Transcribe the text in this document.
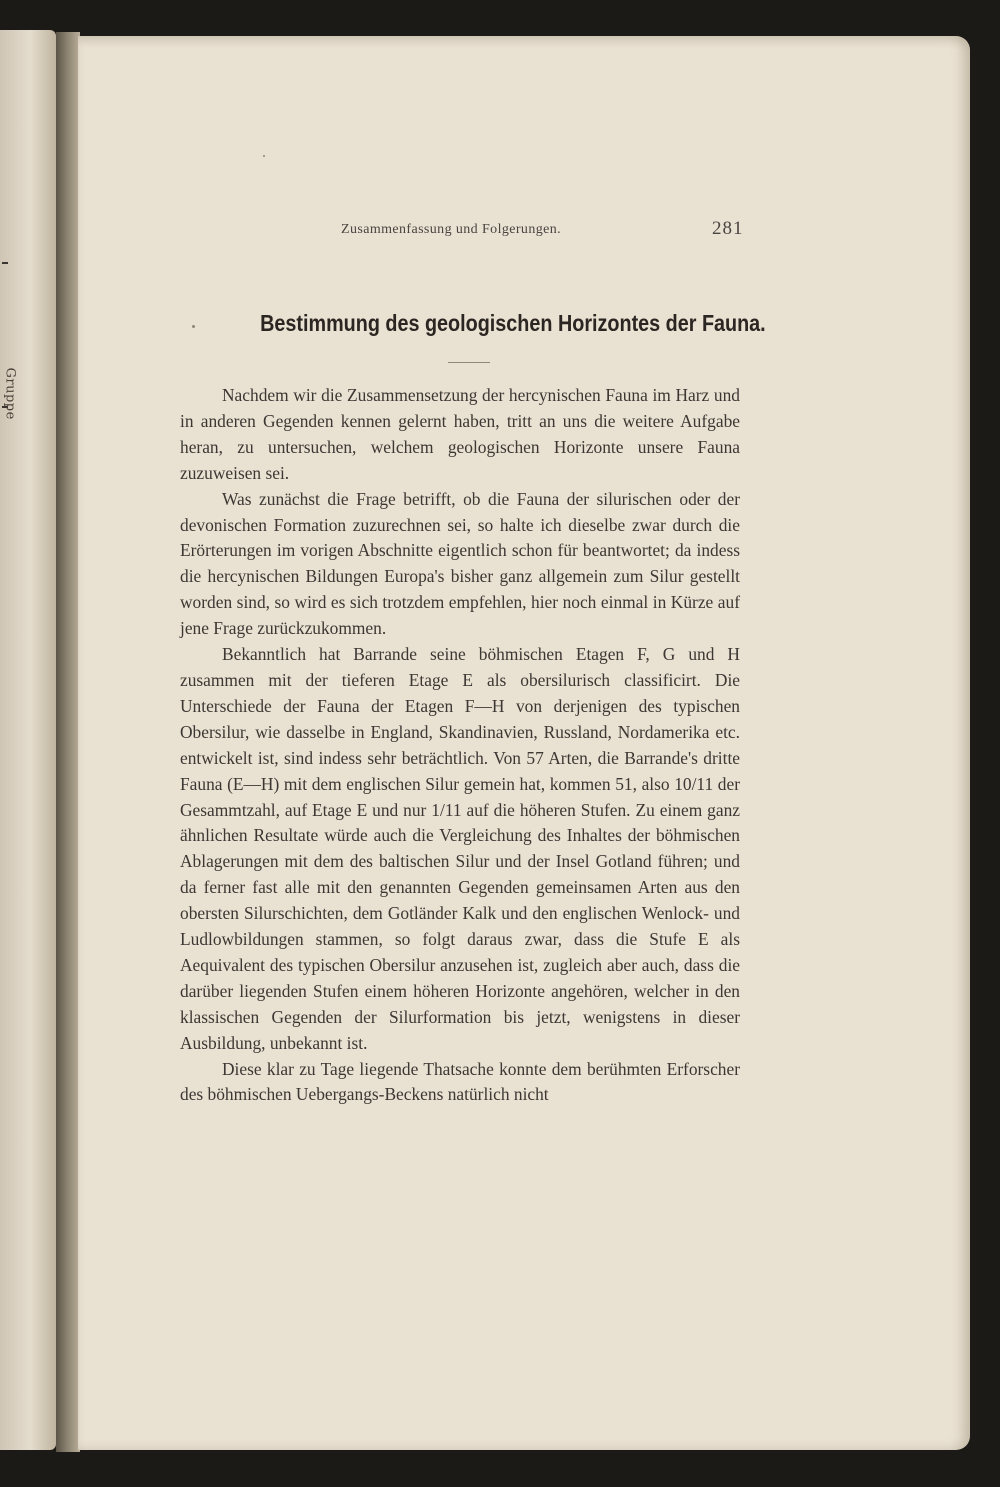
Gruppe
Zusammenfassung und Folgerungen.	281
Bestimmung des geologischen Horizontes der Fauna.

Nachdem wir die Zusammensetzung der hercynischen Fauna im Harz und in anderen Gegenden kennen gelernt haben, tritt an uns die weitere Aufgabe heran, zu untersuchen, welchem geologischen Horizonte unsere Fauna zuzuweisen sei.

Was zunächst die Frage betrifft, ob die Fauna der silurischen oder der devonischen Formation zuzurechnen sei, so halte ich dieselbe zwar durch die Erörterungen im vorigen Abschnitte eigentlich schon für beantwortet; da indess die hercynischen Bildungen Europa's bisher ganz allgemein zum Silur gestellt worden sind, so wird es sich trotzdem empfehlen, hier noch einmal in Kürze auf jene Frage zurückzukommen.

Bekanntlich hat Barrande seine böhmischen Etagen F, G und H zusammen mit der tieferen Etage E als obersilurisch classificirt. Die Unterschiede der Fauna der Etagen F—H von derjenigen des typischen Obersilur, wie dasselbe in England, Skandinavien, Russland, Nordamerika etc. entwickelt ist, sind indess sehr beträchtlich. Von 57 Arten, die Barrande's dritte Fauna (E—H) mit dem englischen Silur gemein hat, kommen 51, also 10/11 der Gesammtzahl, auf Etage E und nur 1/11 auf die höheren Stufen. Zu einem ganz ähnlichen Resultate würde auch die Vergleichung des Inhaltes der böhmischen Ablagerungen mit dem des baltischen Silur und der Insel Gotland führen; und da ferner fast alle mit den genannten Gegenden gemeinsamen Arten aus den obersten Silurschichten, dem Gotländer Kalk und den englischen Wenlock- und Ludlowbildungen stammen, so folgt daraus zwar, dass die Stufe E als Aequivalent des typischen Obersilur anzusehen ist, zugleich aber auch, dass die darüber liegenden Stufen einem höheren Horizonte angehören, welcher in den klassischen Gegenden der Silurformation bis jetzt, wenigstens in dieser Ausbildung, unbekannt ist.

Diese klar zu Tage liegende Thatsache konnte dem berühmten Erforscher des böhmischen Uebergangs-Beckens natürlich nicht
